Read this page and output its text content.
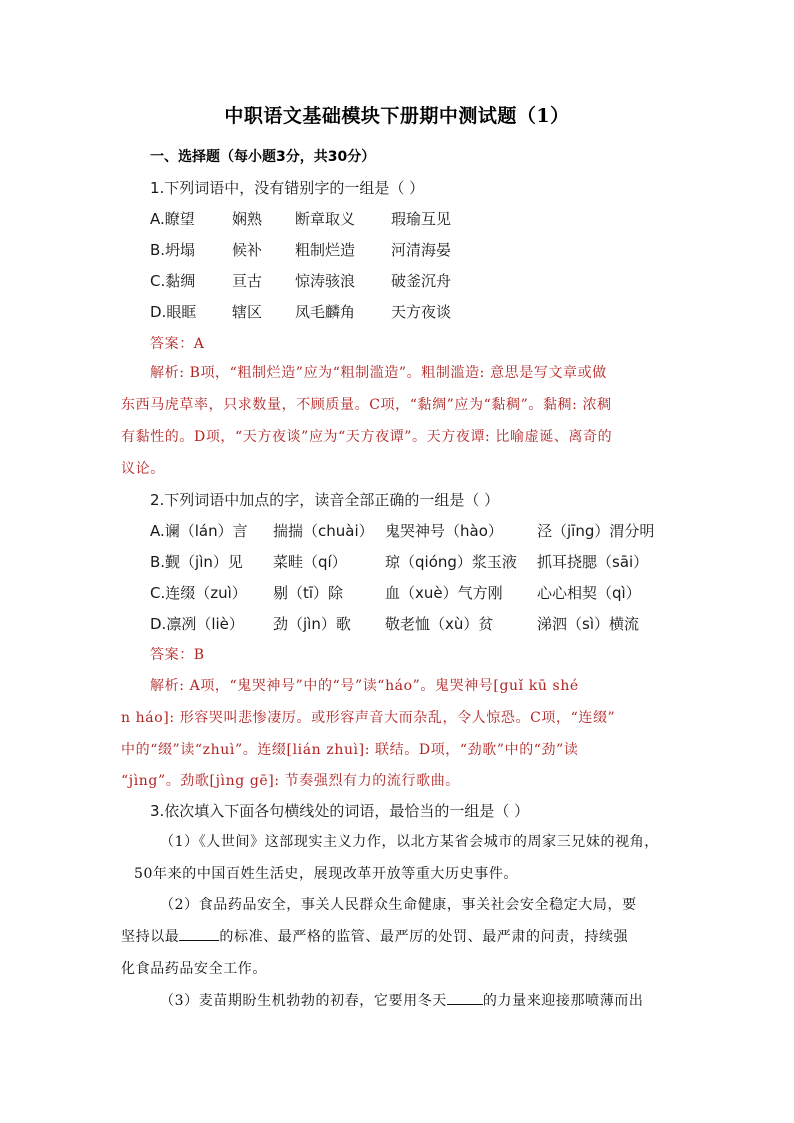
中职语文基础模块下册期中测试题（1）
一、选择题（每小题3分，共30分）
1.下列词语中，没有错别字的一组是（ ）
A.瞭望 娴熟 断章取义 瑕瑜互见
B.坍塌 候补 粗制烂造 河清海晏
C.黏绸 亘古 惊涛骇浪 破釜沉舟
D.眼眶 辖区 凤毛麟角 天方夜谈
答案：A
解析: B项，“粗制烂造”应为“粗制滥造”。粗制滥造: 意思是写文章或做
东西马虎草率，只求数量，不顾质量。C项，“黏绸”应为“黏稠”。黏稠: 浓稠
有黏性的。D项，“天方夜谈”应为“天方夜谭”。天方夜谭: 比喻虚诞、离奇的
议论。
2.下列词语中加点的字，读音全部正确的一组是（ ）
A.谰（lán）言 揣揣（chuài） 鬼哭神号（hào） 泾（jīng）渭分明
B.觐（jìn）见 菜畦（qí）	琼（qióng）浆玉液 抓耳挠腮（sāi）
C.连缀（zuì） 剔（tī）除	血（xuè）气方刚 心心相契（qì）
D.凛冽（liè） 劲（jìn）歌 敬老恤（xù）贫	涕泗（sì）横流
答案：B
解析: A项，“鬼哭神号”中的“号”读“háo”。鬼哭神号[guǐ kū shé
n háo]: 形容哭叫悲惨凄厉。或形容声音大而杂乱，令人惊恐。C项，“连缀”
中的“缀”读“zhuì”。连缀[lián zhuì]: 联结。D项，“劲歌”中的“劲”读
“jìng”。劲歌[jìng gē]: 节奏强烈有力的流行歌曲。
3.依次填入下面各句横线处的词语，最恰当的一组是（ ）
（1）《人世间》这部现实主义力作，以北方某省会城市的周家三兄妹的视角，
50年来的中国百姓生活史，展现改革开放等重大历史事件。
（2）食品药品安全，事关人民群众生命健康，事关社会安全稳定大局，要
坚持以最	的标准、最严格的监管、最严厉的处罚、最严肃的问责，持续强
化食品药品安全工作。
（3）麦苗期盼生机勃勃的初春，它要用冬天	的力量来迎接那喷薄而出
